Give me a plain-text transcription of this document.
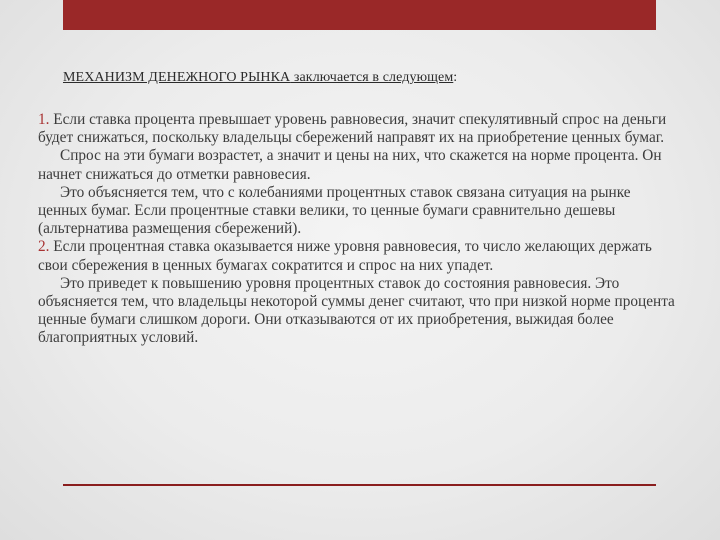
МЕХАНИЗМ ДЕНЕЖНОГО РЫНКА заключается в следующем:

1. Если ставка процента превышает уровень равновесия, значит спекулятивный спрос на деньги будет снижаться, поскольку владельцы сбережений направят их на приобретение ценных бумаг.

Спрос на эти бумаги возрастет, а значит и цены на них, что скажется на норме процента. Он начнет снижаться до отметки равновесия.

Это объясняется тем, что с колебаниями процентных ставок связана ситуация на рынке ценных бумаг. Если процентные ставки велики, то ценные бумаги сравнительно дешевы (альтернатива размещения сбережений).

2. Если процентная ставка оказывается ниже уровня равновесия, то число желающих держать свои сбережения в ценных бумагах сократится и спрос на них упадет.

Это приведет к повышению уровня процентных ставок до состояния равновесия. Это объясняется тем, что владельцы некоторой суммы денег считают, что при низкой норме процента ценные бумаги слишком дороги. Они отказываются от их приобретения, выжидая более благоприятных условий.
